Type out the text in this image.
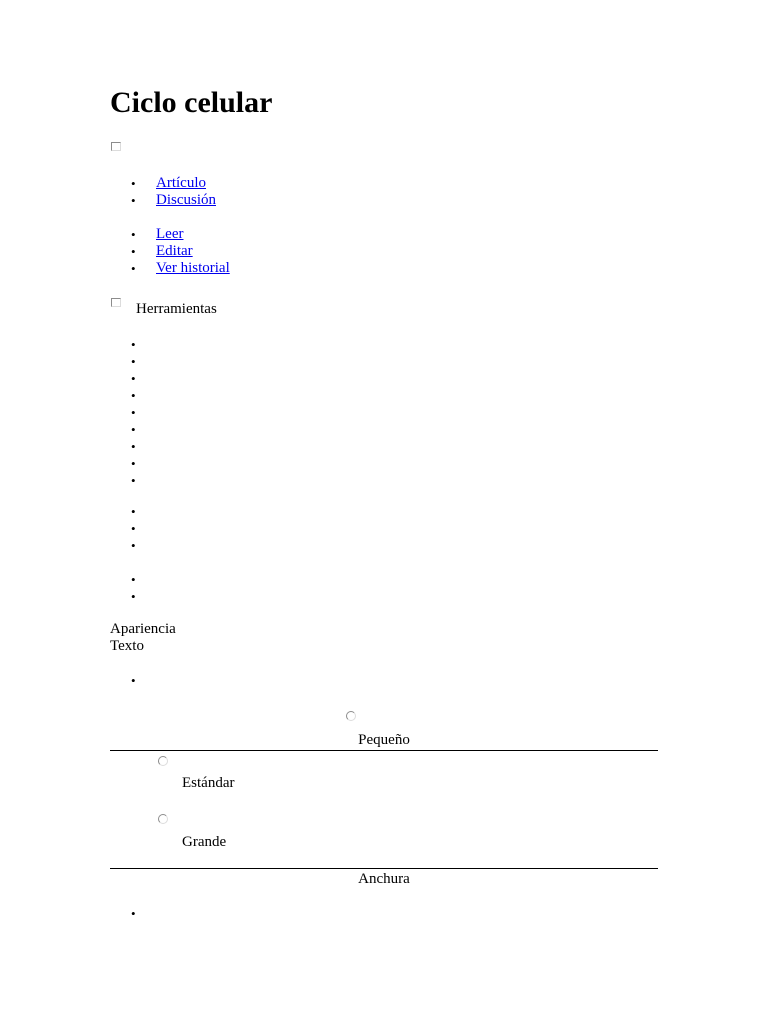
Ciclo celular
• Artículo
• Discusión
• Leer
• Editar
• Ver historial
Herramientas
•
•
•
•
•
•
•
•
•
•
•
•
•
•
Apariencia
Texto
•
Pequeño
Estándar
Grande
Anchura
•
